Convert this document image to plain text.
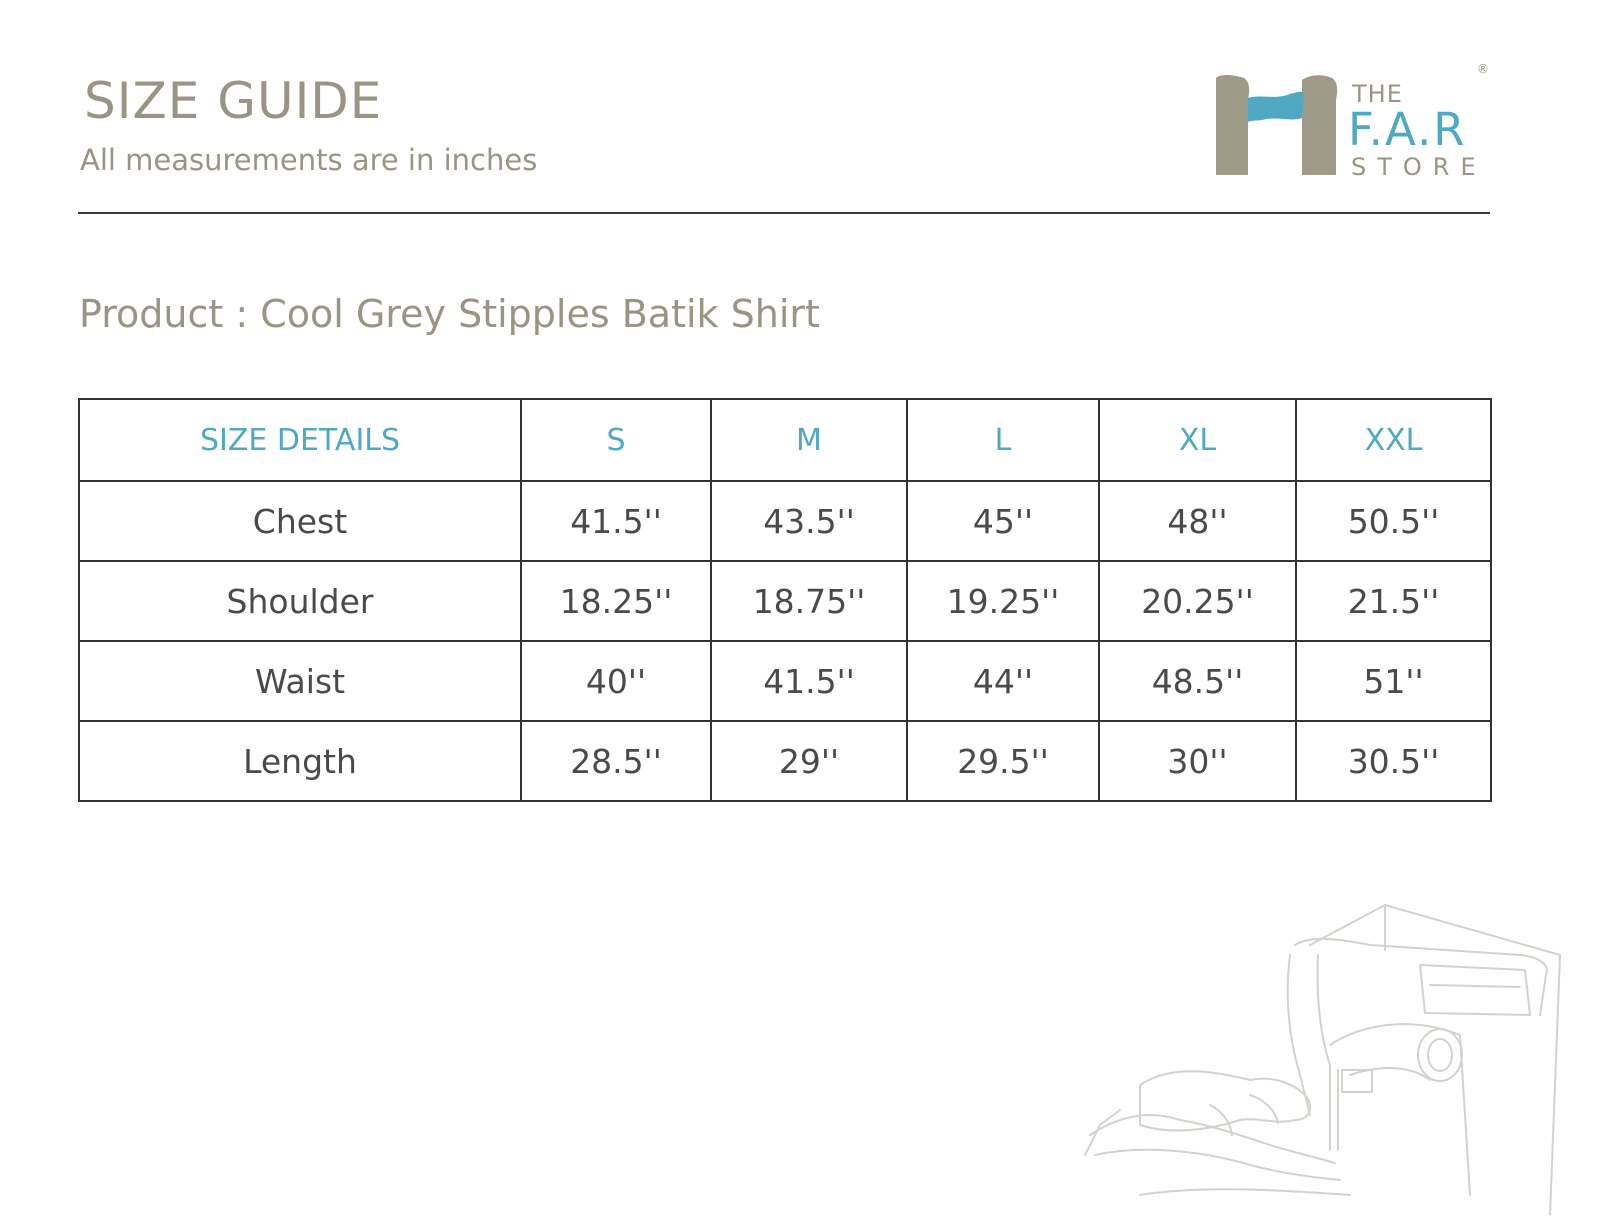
SIZE GUIDE
All measurements are in inches
THE
F.A.R
STORE
®
Product : Cool Grey Stipples Batik Shirt
SIZE DETAILS	S	M	L	XL	XXL
Chest	41.5''	43.5''	45''	48''	50.5''
Shoulder	18.25''	18.75''	19.25''	20.25''	21.5''
Waist	40''	41.5''	44''	48.5''	51''
Length	28.5''	29''	29.5''	30''	30.5''
